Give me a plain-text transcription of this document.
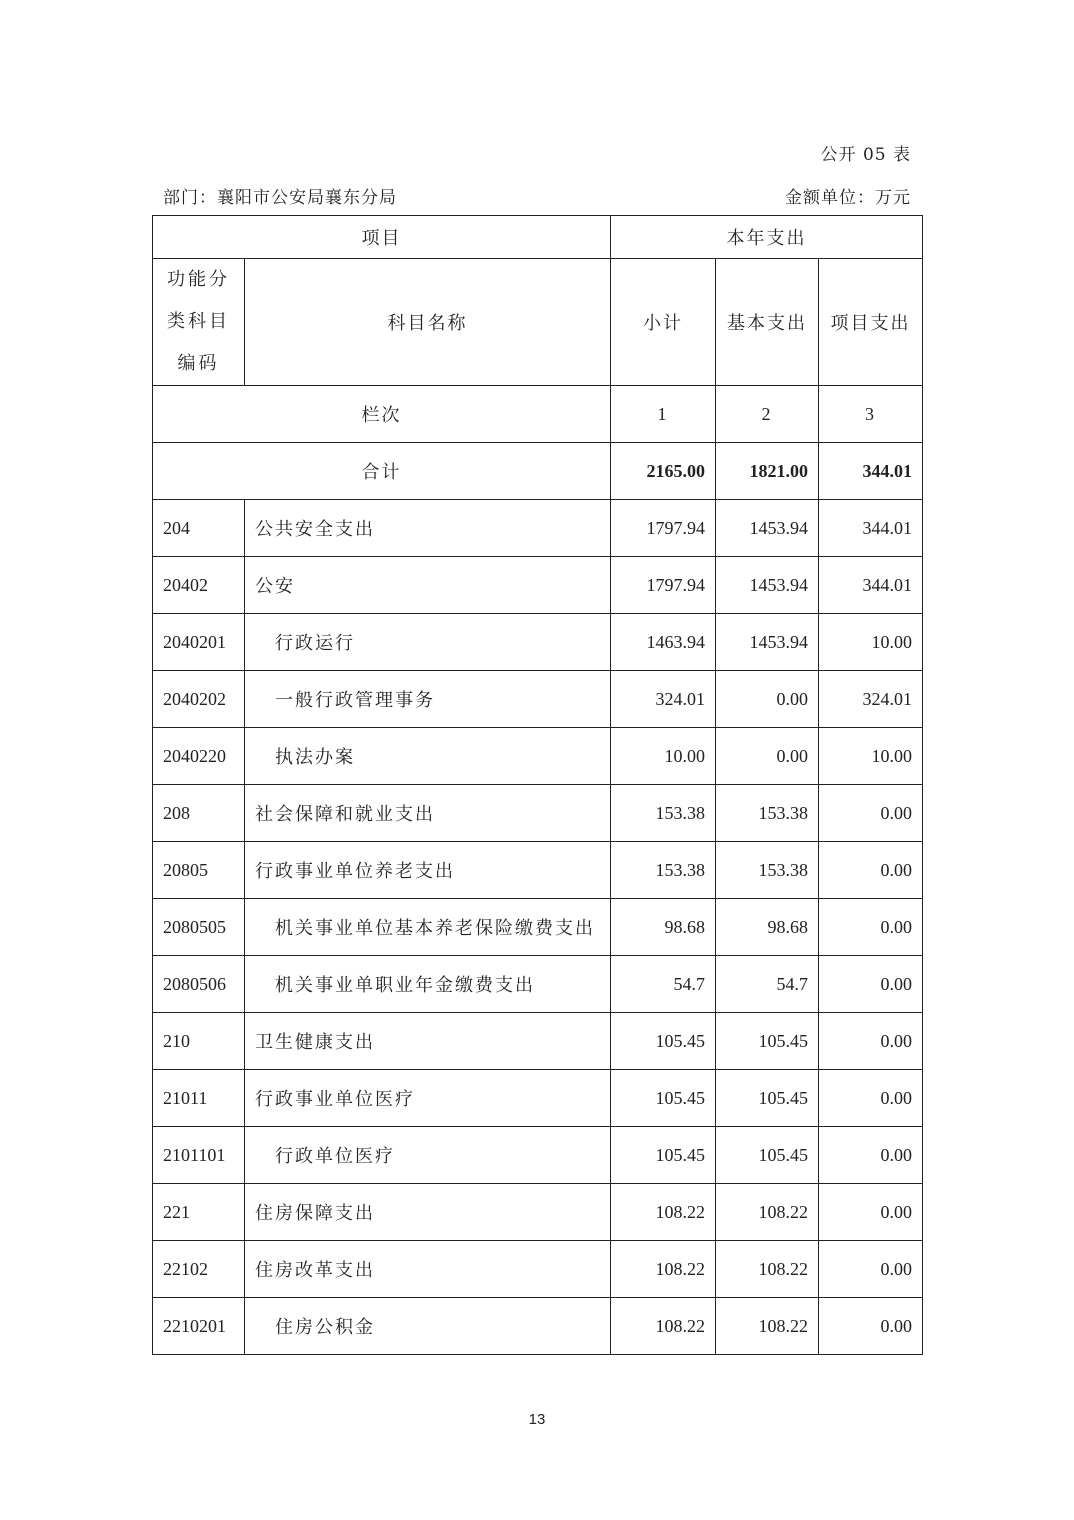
公开 05 表
部门：襄阳市公安局襄东分局	金额单位：万元
项目		本年支出		

功能分
类科目
编码	科目名称	小计	基本支出	项目支出
栏次		1	2	3
合计		2165.00	1821.00	344.01
204	公共安全支出	1797.94	1453.94	344.01
20402	公安	1797.94	1453.94	344.01
2040201	行政运行	1463.94	1453.94	10.00
2040202	一般行政管理事务	324.01	0.00	324.01
2040220	执法办案	10.00	0.00	10.00
208	社会保障和就业支出	153.38	153.38	0.00
20805	行政事业单位养老支出	153.38	153.38	0.00
2080505	机关事业单位基本养老保险缴费支出	98.68	98.68	0.00
2080506	机关事业单职业年金缴费支出	54.7	54.7	0.00
210	卫生健康支出	105.45	105.45	0.00
21011	行政事业单位医疗	105.45	105.45	0.00
2101101	行政单位医疗	105.45	105.45	0.00
221	住房保障支出	108.22	108.22	0.00
22102	住房改革支出	108.22	108.22	0.00
2210201	住房公积金	108.22	108.22	0.00
13
